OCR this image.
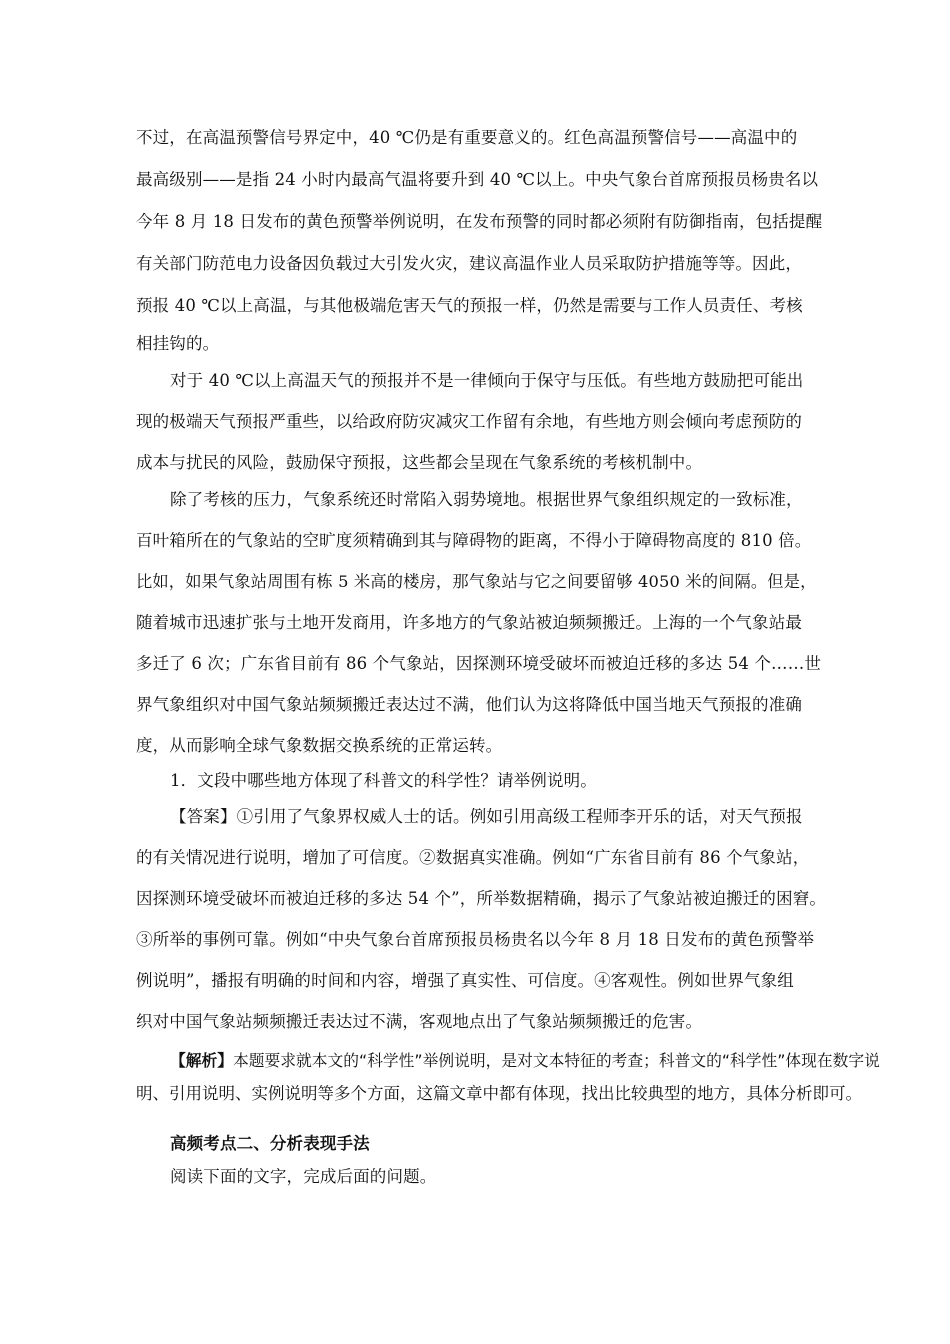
不过，在高温预警信号界定中，40 ℃仍是有重要意义的。红色高温预警信号——高温中的
最高级别——是指 24 小时内最高气温将要升到 40 ℃以上。中央气象台首席预报员杨贵名以
今年 8 月 18 日发布的黄色预警举例说明，在发布预警的同时都必须附有防御指南，包括提醒
有关部门防范电力设备因负载过大引发火灾，建议高温作业人员采取防护措施等等。因此，
预报 40 ℃以上高温，与其他极端危害天气的预报一样，仍然是需要与工作人员责任、考核
相挂钩的。
对于 40 ℃以上高温天气的预报并不是一律倾向于保守与压低。有些地方鼓励把可能出
现的极端天气预报严重些，以给政府防灾减灾工作留有余地，有些地方则会倾向考虑预防的
成本与扰民的风险，鼓励保守预报，这些都会呈现在气象系统的考核机制中。
除了考核的压力，气象系统还时常陷入弱势境地。根据世界气象组织规定的一致标准，
百叶箱所在的气象站的空旷度须精确到其与障碍物的距离，不得小于障碍物高度的 810 倍。
比如，如果气象站周围有栋 5 米高的楼房，那气象站与它之间要留够 4050 米的间隔。但是，
随着城市迅速扩张与土地开发商用，许多地方的气象站被迫频频搬迁。上海的一个气象站最
多迁了 6 次；广东省目前有 86 个气象站，因探测环境受破坏而被迫迁移的多达 54 个……世
界气象组织对中国气象站频频搬迁表达过不满，他们认为这将降低中国当地天气预报的准确
度，从而影响全球气象数据交换系统的正常运转。
1．文段中哪些地方体现了科普文的科学性？请举例说明。
【答案】①引用了气象界权威人士的话。例如引用高级工程师李开乐的话，对天气预报
的有关情况进行说明，增加了可信度。②数据真实准确。例如“广东省目前有 86 个气象站，
因探测环境受破坏而被迫迁移的多达 54 个”，所举数据精确，揭示了气象站被迫搬迁的困窘。
③所举的事例可靠。例如“中央气象台首席预报员杨贵名以今年 8 月 18 日发布的黄色预警举
例说明”，播报有明确的时间和内容，增强了真实性、可信度。④客观性。例如世界气象组
织对中国气象站频频搬迁表达过不满，客观地点出了气象站频频搬迁的危害。
【解析】本题要求就本文的“科学性”举例说明，是对文本特征的考查；科普文的“科学性”体现在数字说
明、引用说明、实例说明等多个方面，这篇文章中都有体现，找出比较典型的地方，具体分析即可。
高频考点二、分析表现手法
阅读下面的文字，完成后面的问题。
